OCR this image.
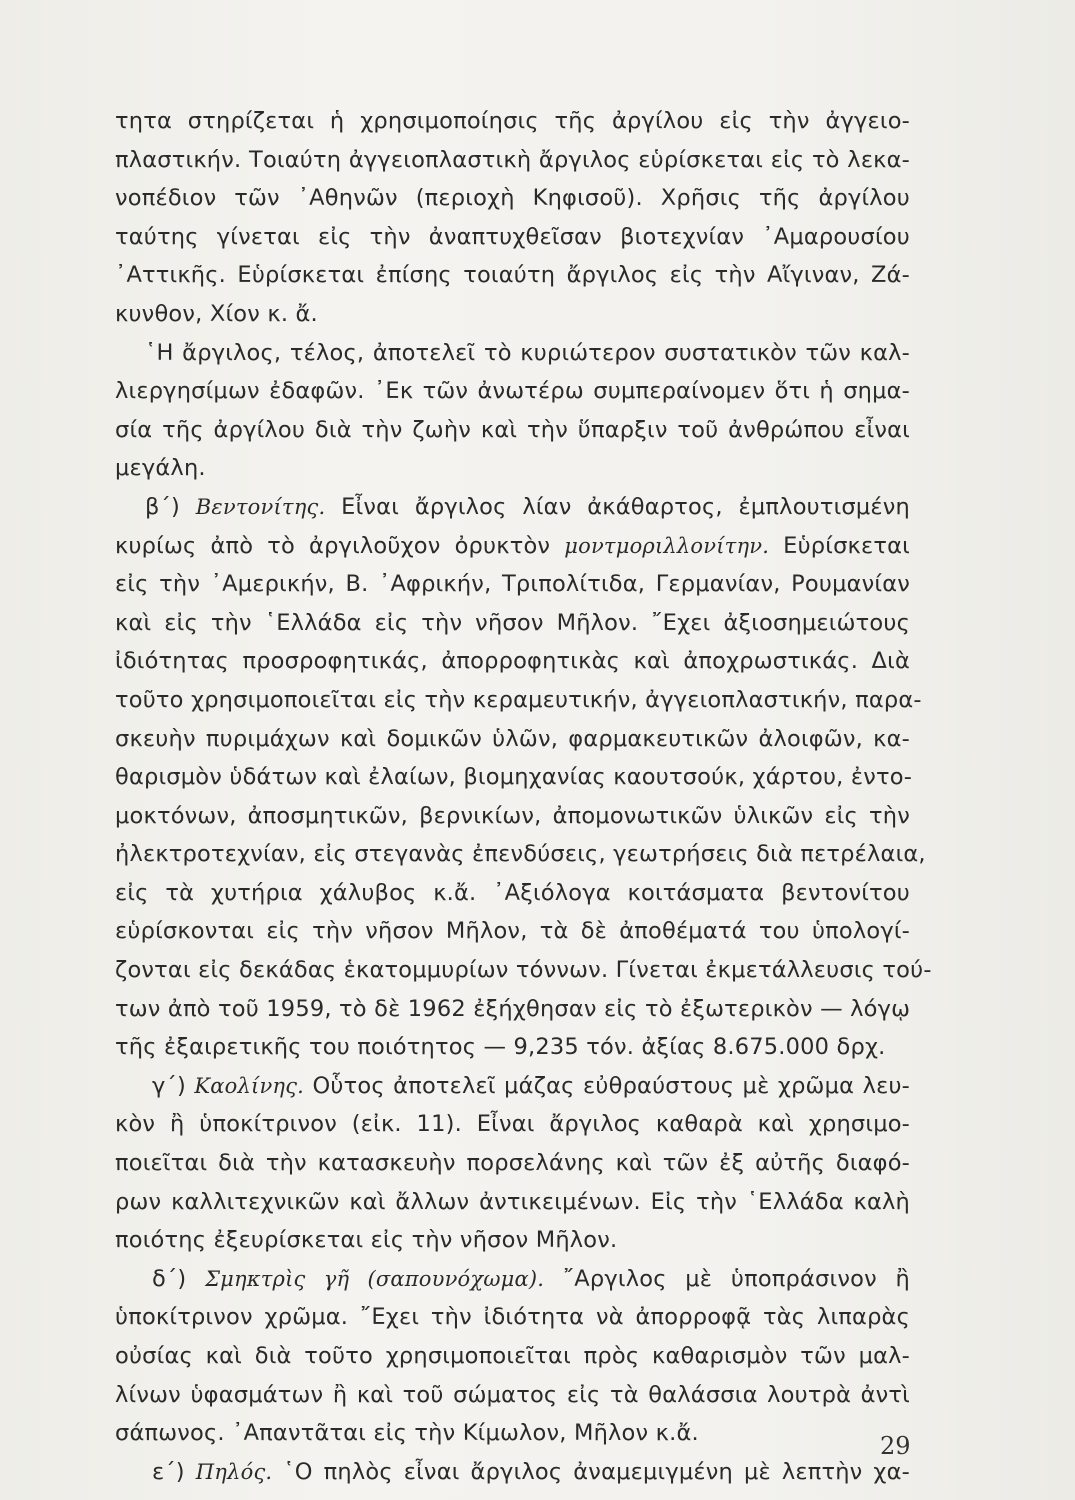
τητα στηρίζεται ἡ χρησιμοποίησις τῆς ἀργίλου εἰς τὴν ἀγγειο-
πλαστικήν. Τοιαύτη ἀγγειοπλαστικὴ ἄργιλος εὑρίσκεται εἰς τὸ λεκα-
νοπέδιον τῶν ᾿Αθηνῶν (περιοχὴ Κηφισοῦ). Χρῆσις τῆς ἀργίλου
ταύτης γίνεται εἰς τὴν ἀναπτυχθεῖσαν βιοτεχνίαν ᾿Αμαρουσίου
᾿Αττικῆς. Εὑρίσκεται ἐπίσης τοιαύτη ἄργιλος εἰς τὴν Αἴγιναν, Ζά-
κυνθον, Χίον κ. ἄ.
῾Η ἄργιλος, τέλος, ἀποτελεῖ τὸ κυριώτερον συστατικὸν τῶν καλ-
λιεργησίμων ἐδαφῶν. ᾿Εκ τῶν ἀνωτέρω συμπεραίνομεν ὅτι ἡ σημα-
σία τῆς ἀργίλου διὰ τὴν ζωὴν καὶ τὴν ὕπαρξιν τοῦ ἀνθρώπου εἶναι
μεγάλη.
β΄) Βεντονίτης. Εἶναι ἄργιλος λίαν ἀκάθαρτος, ἐμπλουτισμένη
κυρίως ἀπὸ τὸ ἀργιλοῦχον ὀρυκτὸν μοντμοριλλονίτην. Εὑρίσκεται
εἰς τὴν ᾿Αμερικήν, Β. ᾿Αφρικήν, Τριπολίτιδα, Γερμανίαν, Ρουμανίαν
καὶ εἰς τὴν ῾Ελλάδα εἰς τὴν νῆσον Μῆλον. ῎Εχει ἀξιοσημειώτους
ἰδιότητας προσροφητικάς, ἀπορροφητικὰς καὶ ἀποχρωστικάς. Διὰ
τοῦτο χρησιμοποιεῖται εἰς τὴν κεραμευτικήν, ἀγγειοπλαστικήν, παρα-
σκευὴν πυριμάχων καὶ δομικῶν ὑλῶν, φαρμακευτικῶν ἀλοιφῶν, κα-
θαρισμὸν ὑδάτων καὶ ἐλαίων, βιομηχανίας καουτσούκ, χάρτου, ἐντο-
μοκτόνων, ἀποσμητικῶν, βερνικίων, ἀπομονωτικῶν ὑλικῶν εἰς τὴν
ἠλεκτροτεχνίαν, εἰς στεγανὰς ἐπενδύσεις, γεωτρήσεις διὰ πετρέλαια,
εἰς τὰ χυτήρια χάλυβος κ.ἄ. ᾿Αξιόλογα κοιτάσματα βεντονίτου
εὑρίσκονται εἰς τὴν νῆσον Μῆλον, τὰ δὲ ἀποθέματά του ὑπολογί-
ζονται εἰς δεκάδας ἑκατομμυρίων τόννων. Γίνεται ἐκμετάλλευσις τού-
των ἀπὸ τοῦ 1959, τὸ δὲ 1962 ἐξήχθησαν εἰς τὸ ἐξωτερικὸν — λόγῳ
τῆς ἐξαιρετικῆς του ποιότητος — 9,235 τόν. ἀξίας 8.675.000 δρχ.
γ΄) Καολίνης. Οὗτος ἀποτελεῖ μάζας εὐθραύστους μὲ χρῶμα λευ-
κὸν ἢ ὑποκίτρινον (εἰκ. 11). Εἶναι ἄργιλος καθαρὰ καὶ χρησιμο-
ποιεῖται διὰ τὴν κατασκευὴν πορσελάνης καὶ τῶν ἐξ αὐτῆς διαφό-
ρων καλλιτεχνικῶν καὶ ἄλλων ἀντικειμένων. Εἰς τὴν ῾Ελλάδα καλὴ
ποιότης ἐξευρίσκεται εἰς τὴν νῆσον Μῆλον.
δ΄) Σμηκτρὶς γῆ (σαπουνόχωμα). ῎Αργιλος μὲ ὑποπράσινον ἢ
ὑποκίτρινον χρῶμα. ῎Εχει τὴν ἰδιότητα νὰ ἀπορροφᾷ τὰς λιπαρὰς
οὐσίας καὶ διὰ τοῦτο χρησιμοποιεῖται πρὸς καθαρισμὸν τῶν μαλ-
λίνων ὑφασμάτων ἢ καὶ τοῦ σώματος εἰς τὰ θαλάσσια λουτρὰ ἀντὶ
σάπωνος. ᾿Απαντᾶται εἰς τὴν Κίμωλον, Μῆλον κ.ἄ.
ε΄) Πηλός. ῾Ο πηλὸς εἶναι ἄργιλος ἀναμεμιγμένη μὲ λεπτὴν χα-
29
